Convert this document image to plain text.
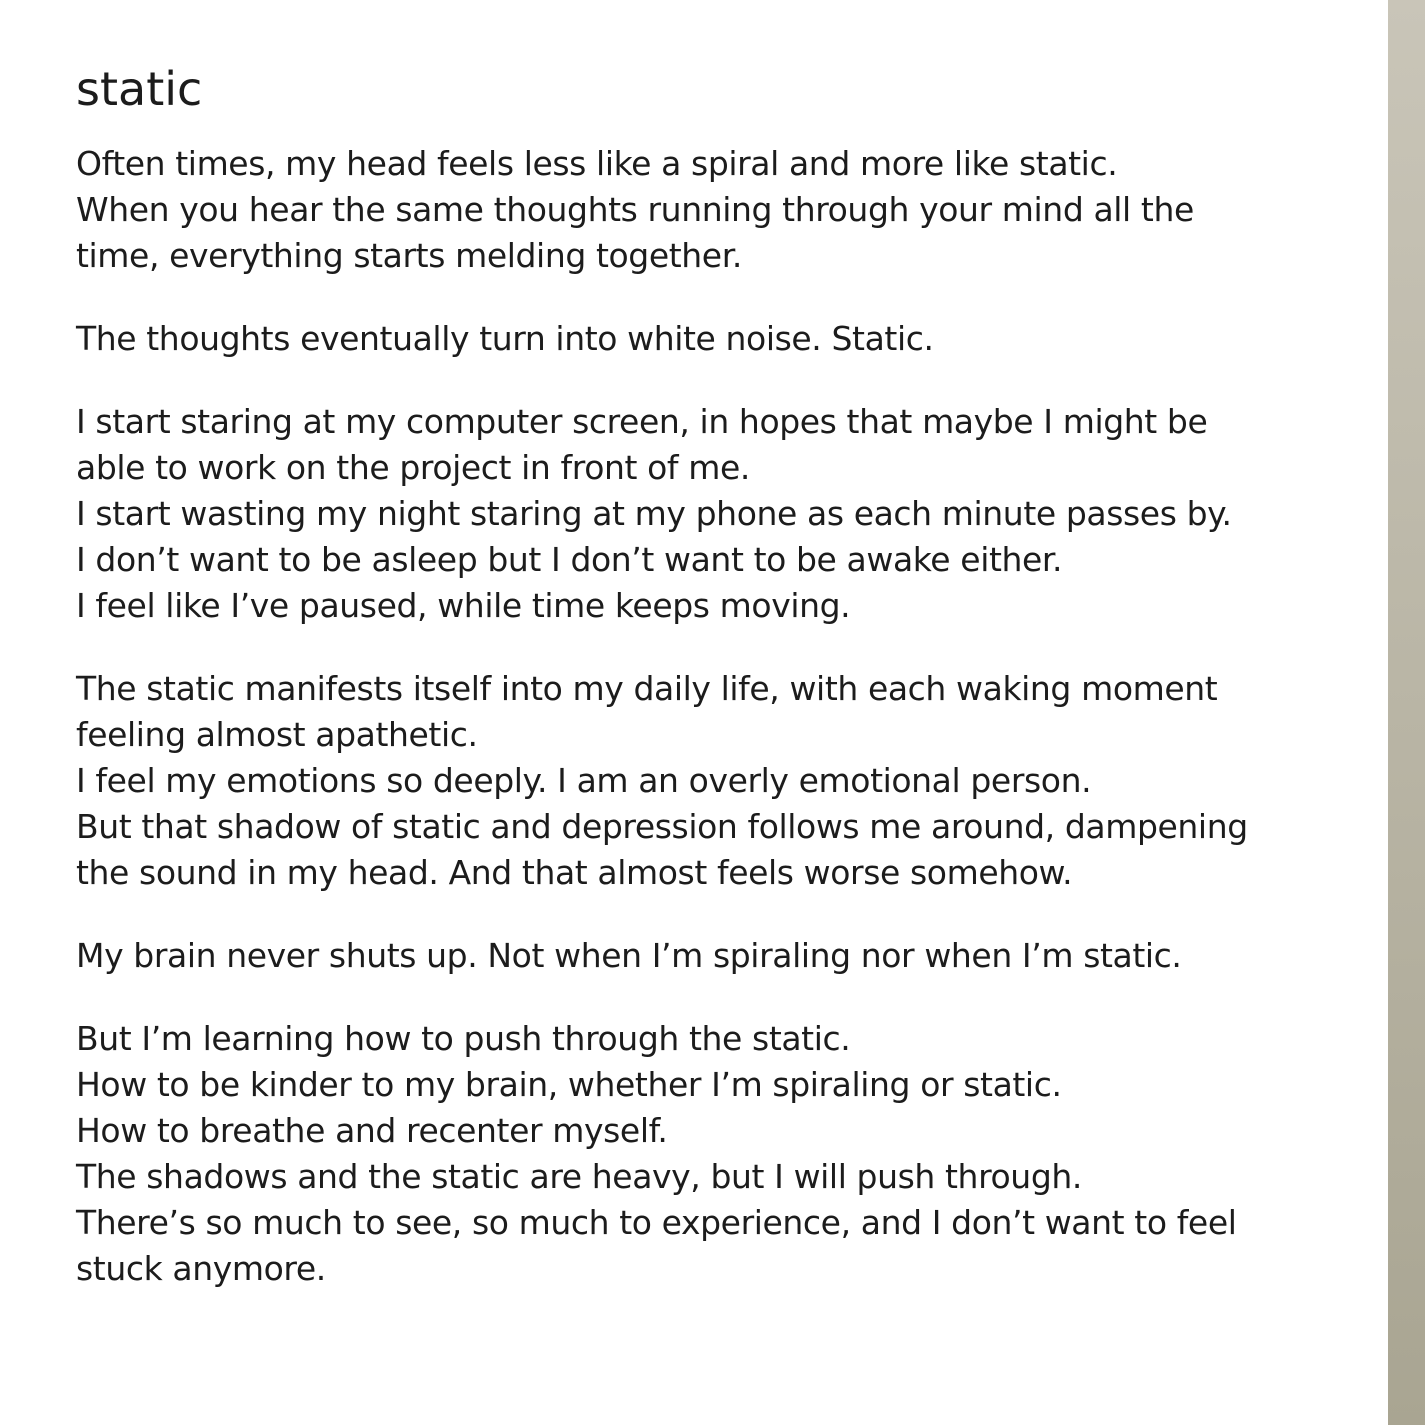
static

Often times, my head feels less like a spiral and more like static.
When you hear the same thoughts running through your mind all the
time, everything starts melding together.

The thoughts eventually turn into white noise. Static.

I start staring at my computer screen, in hopes that maybe I might be
able to work on the project in front of me.
I start wasting my night staring at my phone as each minute passes by.
I don’t want to be asleep but I don’t want to be awake either.
I feel like I’ve paused, while time keeps moving.

The static manifests itself into my daily life, with each waking moment
feeling almost apathetic.
I feel my emotions so deeply. I am an overly emotional person.
But that shadow of static and depression follows me around, dampening
the sound in my head. And that almost feels worse somehow.

My brain never shuts up. Not when I’m spiraling nor when I’m static.

But I’m learning how to push through the static.
How to be kinder to my brain, whether I’m spiraling or static.
How to breathe and recenter myself.
The shadows and the static are heavy, but I will push through.
There’s so much to see, so much to experience, and I don’t want to feel
stuck anymore.
